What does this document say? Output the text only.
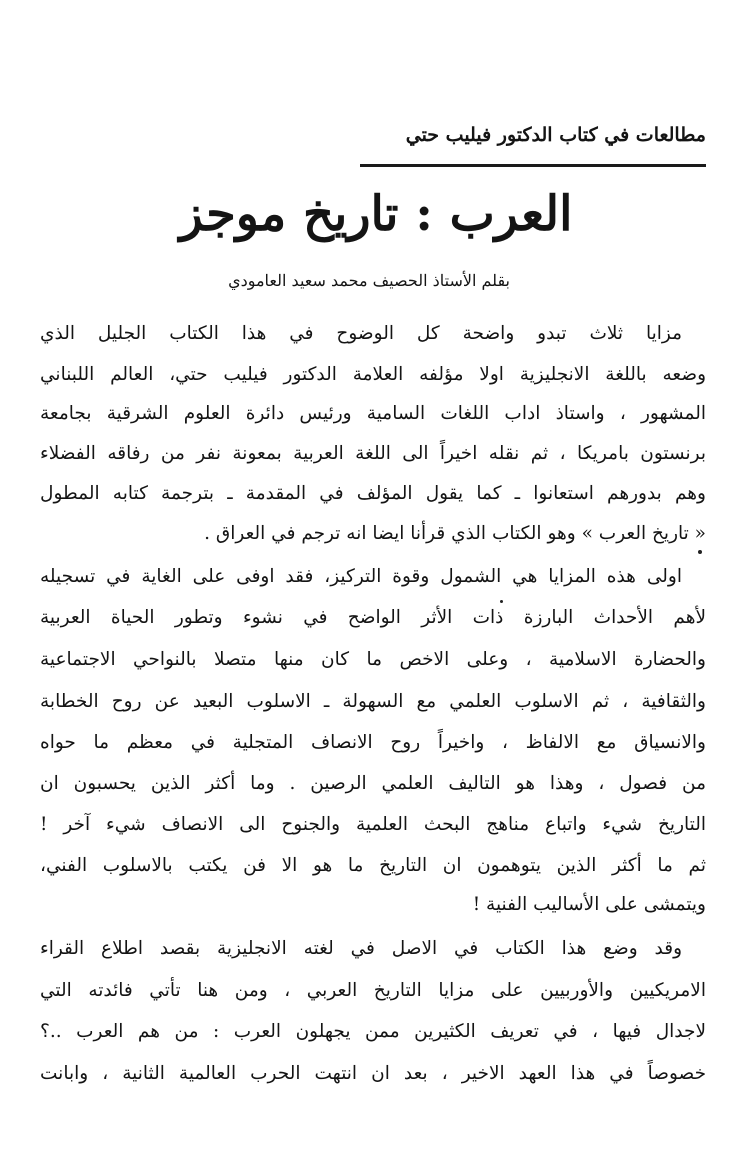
مطالعات في كتاب الدكتور فيليب حتي
العرب : تاريخ موجز
بقلم الأستاذ الحصيف محمد سعيد العامودي
مزايا ثلاث تبدو واضحة كل الوضوح في هذا الكتاب الجليل الذي
وضعه باللغة الانجليزية اولا مؤلفه العلامة الدكتور فيليب حتي، العالم اللبناني
المشهور ، واستاذ اداب اللغات السامية ورئيس دائرة العلوم الشرقية بجامعة
برنستون بامريكا ، ثم نقله اخيراً الى اللغة العربية بمعونة نفر من رفاقه الفضلاء
وهم بدورهم استعانوا ـ كما يقول المؤلف في المقدمة ـ بترجمة كتابه المطول
« تاريخ العرب » وهو الكتاب الذي قرأنا ايضا انه ترجم في العراق .
اولى هذه المزايا هي الشمول وقوة التركيز، فقد اوفى على الغاية في تسجيله
لأهم الأحداث البارزة ذات الأثر الواضح في نشوء وتطور الحياة العربية
والحضارة الاسلامية ، وعلى الاخص ما كان منها متصلا بالنواحي الاجتماعية
والثقافية ، ثم الاسلوب العلمي مع السهولة ـ الاسلوب البعيد عن روح الخطابة
والانسياق مع الالفاظ ، واخيراً روح الانصاف المتجلية في معظم ما حواه
من فصول ، وهذا هو التاليف العلمي الرصين . وما أكثر الذين يحسبون ان
التاريخ شيء واتباع مناهج البحث العلمية والجنوح الى الانصاف شيء آخر !
ثم ما أكثر الذين يتوهمون ان التاريخ ما هو الا فن يكتب بالاسلوب الفني،
ويتمشى على الأساليب الفنية !
وقد وضع هذا الكتاب في الاصل في لغته الانجليزية بقصد اطلاع القراء
الامريكيين والأوربيين على مزايا التاريخ العربي ، ومن هنا تأتي فائدته التي
لاجدال فيها ، في تعريف الكثيرين ممن يجهلون العرب : من هم العرب ..؟
خصوصاً في هذا العهد الاخير ، بعد ان انتهت الحرب العالمية الثانية ، وابانت
